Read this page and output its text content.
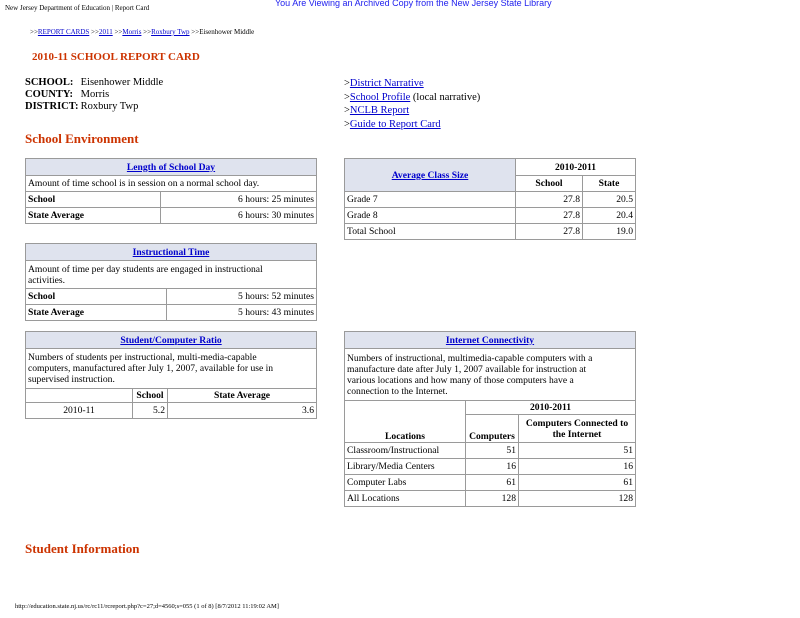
New Jersey Department of Education | Report Card	You Are Viewing an Archived Copy from the New Jersey State Library
>>REPORT CARDS >>2011 >>Morris >>Roxbury Twp >>Eisenhower Middle
2010-11 SCHOOL REPORT CARD
SCHOOL: Eisenhower Middle
COUNTY: Morris
DISTRICT: Roxbury Twp
>District Narrative
>School Profile (local narrative)
>NCLB Report
>Guide to Report Card
School Environment
Length of School Day	
Amount of time school is in session on a normal school day.	
School	6 hours: 25 minutes
State Average	6 hours: 30 minutes
Instructional Time	
Amount of time per day students are engaged in instructional activities.	
School	5 hours: 52 minutes
State Average	5 hours: 43 minutes
Average Class Size	2010-2011	
	School	State
Grade 7	27.8	20.5
Grade 8	27.8	20.4
Total School	27.8	19.0
Student/Computer Ratio		
Numbers of students per instructional, multi-media-capable computers, manufactured after July 1, 2007, available for use in supervised instruction.		
	School	State Average
2010-11	5.2	3.6
Internet Connectivity		
Numbers of instructional, multimedia-capable computers with a manufacture date after July 1, 2007 available for instruction at various locations and how many of those computers have a connection to the Internet.		
Locations	2010-2011	
	Computers	Computers Connected to the Internet
Classroom/Instructional	51	51
Library/Media Centers	16	16
Computer Labs	61	61
All Locations	128	128
Student Information
http://education.state.nj.us/rc/rc11/rcreport.php?c=27;d=4560;s=055 (1 of 8) [8/7/2012 11:19:02 AM]
